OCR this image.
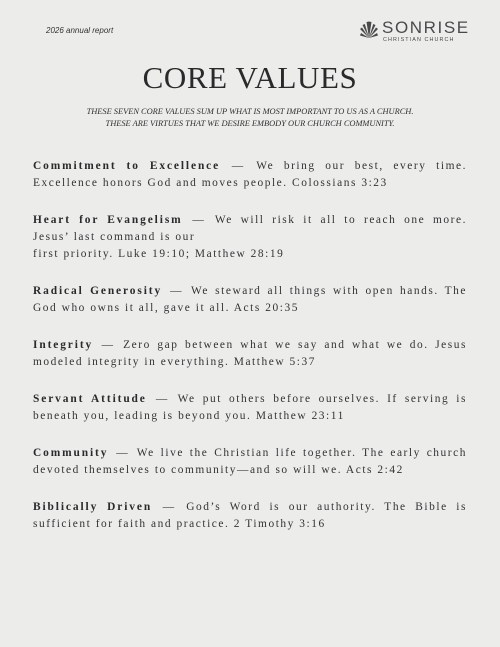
2026 annual report	SONRISE
CHRISTIAN CHURCH
CORE VALUES

THESE SEVEN CORE VALUES SUM UP WHAT IS MOST IMPORTANT TO US AS A CHURCH. THESE ARE VIRTUES THAT WE DESIRE EMBODY OUR CHURCH COMMUNITY.

Commitment to Excellence — We bring our best, every time. Excellence honors God and moves people. Colossians 3:23

Heart for Evangelism — We will risk it all to reach one more. Jesus’ last command is our
first priority. Luke 19:10; Matthew 28:19

Radical Generosity — We steward all things with open hands. The God who owns it all, gave it all. Acts 20:35

Integrity — Zero gap between what we say and what we do. Jesus modeled integrity in everything. Matthew 5:37

Servant Attitude — We put others before ourselves. If serving is beneath you, leading is beyond you. Matthew 23:11

Community — We live the Christian life together. The early church devoted themselves to community—and so will we. Acts 2:42

Biblically Driven — God’s Word is our authority. The Bible is sufficient for faith and practice. 2 Timothy 3:16
